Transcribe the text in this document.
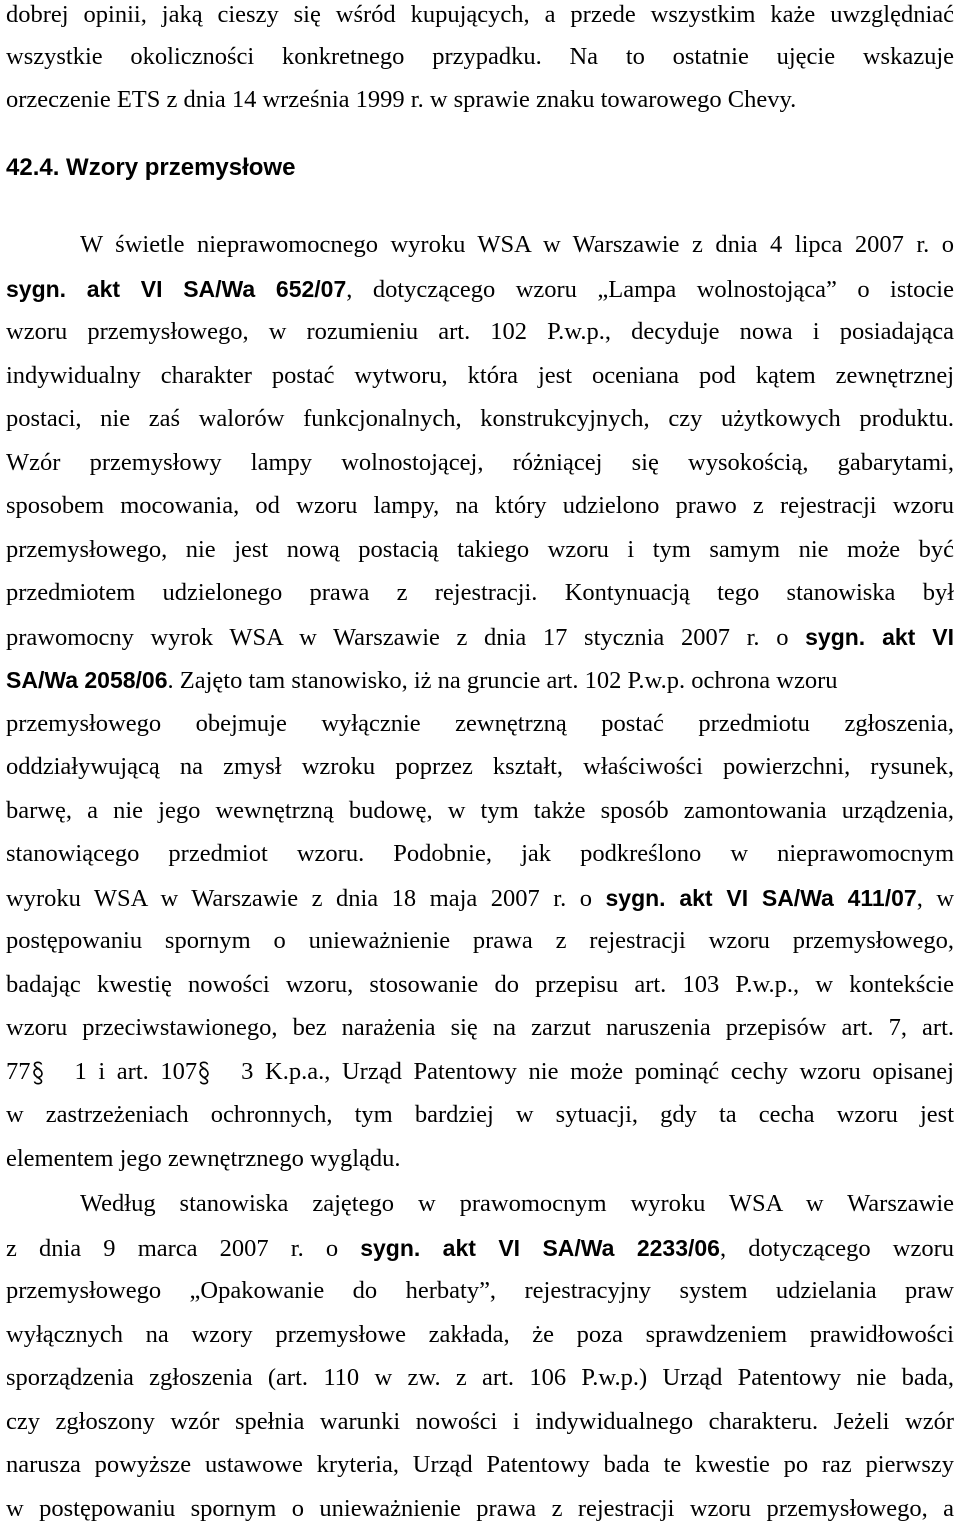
dobrej opinii, jaką cieszy się wśród kupujących, a przede wszystkim każe uwzględniać
wszystkie okoliczności konkretnego przypadku. Na to ostatnie ujęcie wskazuje
orzeczenie ETS z dnia 14 września 1999 r. w sprawie znaku towarowego Chevy.
42.4. Wzory przemysłowe
W świetle nieprawomocnego wyroku WSA w Warszawie z dnia 4 lipca 2007 r. o
sygn. akt VI SA/Wa 652/07, dotyczącego wzoru „Lampa wolnostojąca” o istocie
wzoru przemysłowego, w rozumieniu art. 102 P.w.p., decyduje nowa i posiadająca
indywidualny charakter postać wytworu, która jest oceniana pod kątem zewnętrznej
postaci, nie zaś walorów funkcjonalnych, konstrukcyjnych, czy użytkowych produktu.
Wzór przemysłowy lampy wolnostojącej, różniącej się wysokością, gabarytami,
sposobem mocowania, od wzoru lampy, na który udzielono prawo z rejestracji wzoru
przemysłowego, nie jest nową postacią takiego wzoru i tym samym nie może być
przedmiotem udzielonego prawa z rejestracji. Kontynuacją tego stanowiska był
prawomocny wyrok WSA w Warszawie z dnia 17 stycznia 2007 r. o sygn. akt VI
SA/Wa 2058/06. Zajęto tam stanowisko, iż na gruncie art. 102 P.w.p. ochrona wzoru
przemysłowego obejmuje wyłącznie zewnętrzną postać przedmiotu zgłoszenia,
oddziaływującą na zmysł wzroku poprzez kształt, właściwości powierzchni, rysunek,
barwę, a nie jego wewnętrzną budowę, w tym także sposób zamontowania urządzenia,
stanowiącego przedmiot wzoru. Podobnie, jak podkreślono w nieprawomocnym
wyroku WSA w Warszawie z dnia 18 maja 2007 r. o sygn. akt VI SA/Wa 411/07, w
postępowaniu spornym o unieważnienie prawa z rejestracji wzoru przemysłowego,
badając kwestię nowości wzoru, stosowanie do przepisu art. 103 P.w.p., w kontekście
wzoru przeciwstawionego, bez narażenia się na zarzut naruszenia przepisów art. 7, art.
77 1 i art. 107 3 K.p.a., Urząd Patentowy nie może pominąć cechy wzoru opisanej
w zastrzeżeniach ochronnych, tym bardziej w sytuacji, gdy ta cecha wzoru jest
elementem jego zewnętrznego wyglądu.
Według stanowiska zajętego w prawomocnym wyroku WSA w Warszawie
z dnia 9 marca 2007 r. o sygn. akt VI SA/Wa 2233/06, dotyczącego wzoru
przemysłowego „Opakowanie do herbaty”, rejestracyjny system udzielania praw
wyłącznych na wzory przemysłowe zakłada, że poza sprawdzeniem prawidłowości
sporządzenia zgłoszenia (art. 110 w zw. z art. 106 P.w.p.) Urząd Patentowy nie bada,
czy zgłoszony wzór spełnia warunki nowości i indywidualnego charakteru. Jeżeli wzór
narusza powyższe ustawowe kryteria, Urząd Patentowy bada te kwestie po raz pierwszy
w postępowaniu spornym o unieważnienie prawa z rejestracji wzoru przemysłowego, a
